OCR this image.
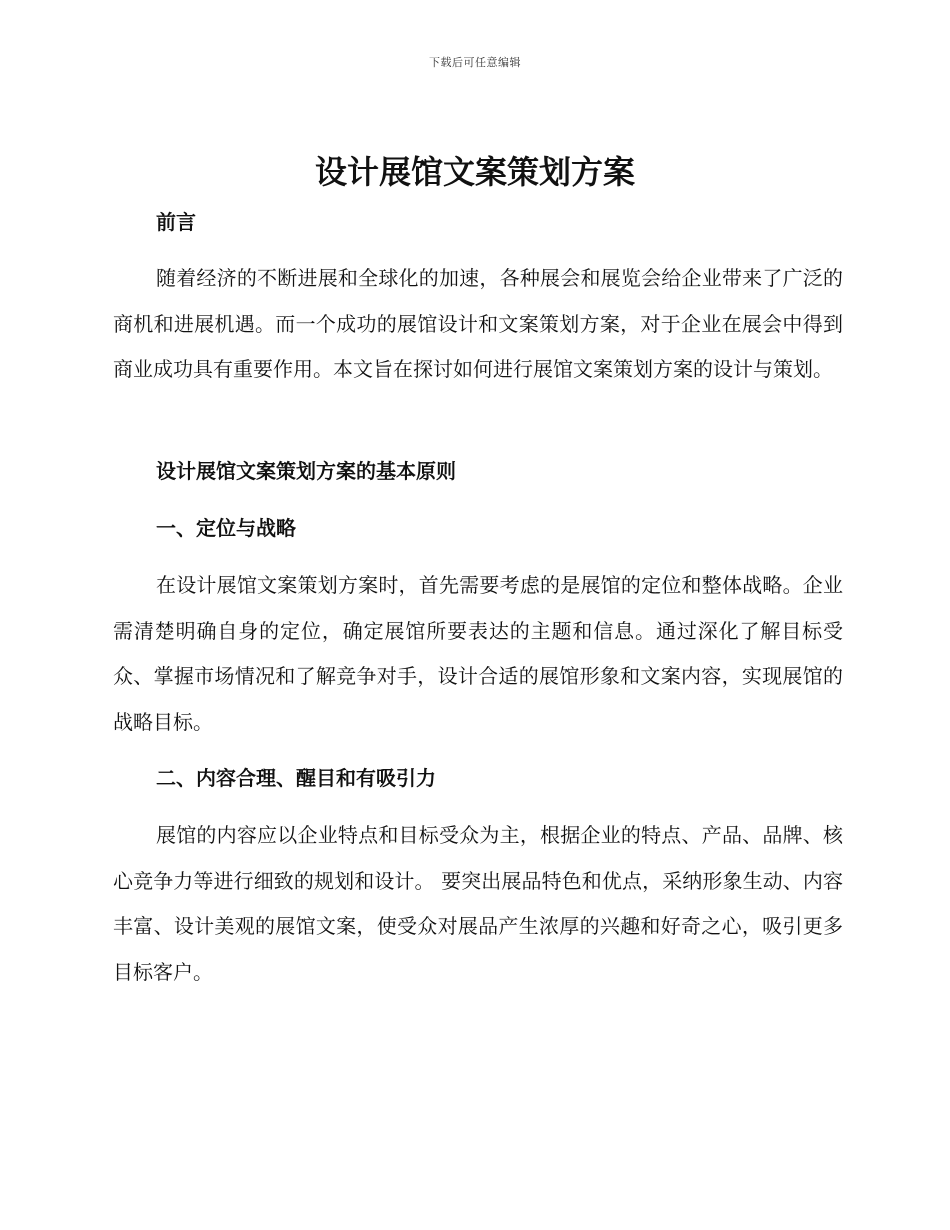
下载后可任意编辑
设计展馆文案策划方案
前言

随着经济的不断进展和全球化的加速，各种展会和展览会给企业带来了广泛的商机和进展机遇。而一个成功的展馆设计和文案策划方案，对于企业在展会中得到商业成功具有重要作用。本文旨在探讨如何进行展馆文案策划方案的设计与策划。

设计展馆文案策划方案的基本原则
一、定位与战略

在设计展馆文案策划方案时，首先需要考虑的是展馆的定位和整体战略。企业需清楚明确自身的定位，确定展馆所要表达的主题和信息。通过深化了解目标受众、掌握市场情况和了解竞争对手，设计合适的展馆形象和文案内容，实现展馆的战略目标。

二、内容合理、醒目和有吸引力

展馆的内容应以企业特点和目标受众为主，根据企业的特点、产品、品牌、核心竞争力等进行细致的规划和设计。 要突出展品特色和优点，采纳形象生动、内容丰富、设计美观的展馆文案，使受众对展品产生浓厚的兴趣和好奇之心，吸引更多目标客户。
